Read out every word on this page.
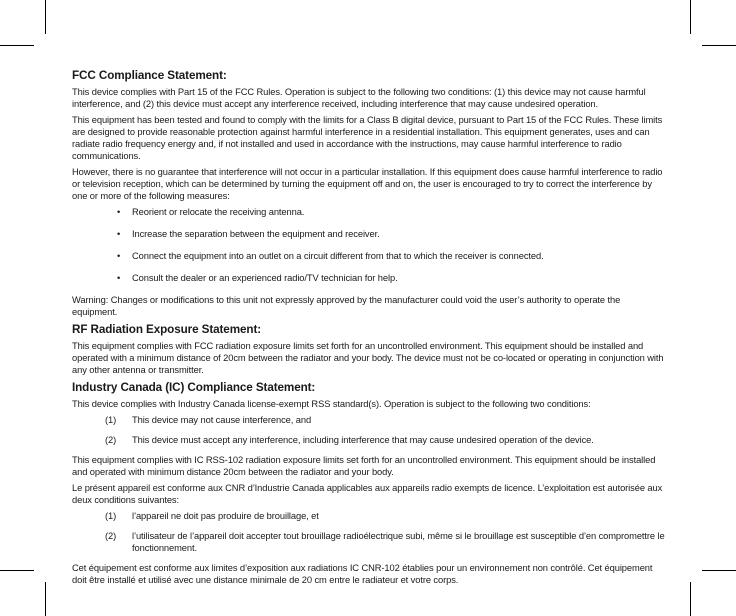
FCC Compliance Statement:

This device complies with Part 15 of the FCC Rules. Operation is subject to the following two conditions: (1) this device may not cause harmful interference, and (2) this device must accept any interference received, including interference that may cause undesired operation.

This equipment has been tested and found to comply with the limits for a Class B digital device, pursuant to Part 15 of the FCC Rules. These limits are designed to provide reasonable protection against harmful interference in a residential installation. This equipment generates, uses and can radiate radio frequency energy and, if not installed and used in accordance with the instructions, may cause harmful interference to radio communications.

However, there is no guarantee that interference will not occur in a particular installation. If this equipment does cause harmful interference to radio or television reception, which can be determined by turning the equipment off and on, the user is encouraged to try to correct the interference by one or more of the following measures:

• Reorient or relocate the receiving antenna.
• Increase the separation between the equipment and receiver.
• Connect the equipment into an outlet on a circuit different from that to which the receiver is connected.
• Consult the dealer or an experienced radio/TV technician for help.

Warning: Changes or modifications to this unit not expressly approved by the manufacturer could void the user’s authority to operate the equipment.

RF Radiation Exposure Statement:

This equipment complies with FCC radiation exposure limits set forth for an uncontrolled environment. This equipment should be installed and operated with a minimum distance of 20cm between the radiator and your body. The device must not be co-located or operating in conjunction with any other antenna or transmitter.

Industry Canada (IC) Compliance Statement:

This device complies with Industry Canada license-exempt RSS standard(s). Operation is subject to the following two conditions:

(1) This device may not cause interference, and
(2) This device must accept any interference, including interference that may cause undesired operation of the device.

This equipment complies with IC RSS-102 radiation exposure limits set forth for an uncontrolled environment. This equipment should be installed and operated with minimum distance 20cm between the radiator and your body.

Le présent appareil est conforme aux CNR d’Industrie Canada applicables aux appareils radio exempts de licence. L’exploitation est autorisée aux deux conditions suivantes:

(1) l’appareil ne doit pas produire de brouillage, et
(2) l’utilisateur de l’appareil doit accepter tout brouillage radioélectrique subi, même si le brouillage est susceptible d’en compromettre le fonctionnement.

Cet équipement est conforme aux limites d’exposition aux radiations IC CNR-102 établies pour un environnement non contrôlé. Cet équipement doit être installé et utilisé avec une distance minimale de 20 cm entre le radiateur et votre corps.
